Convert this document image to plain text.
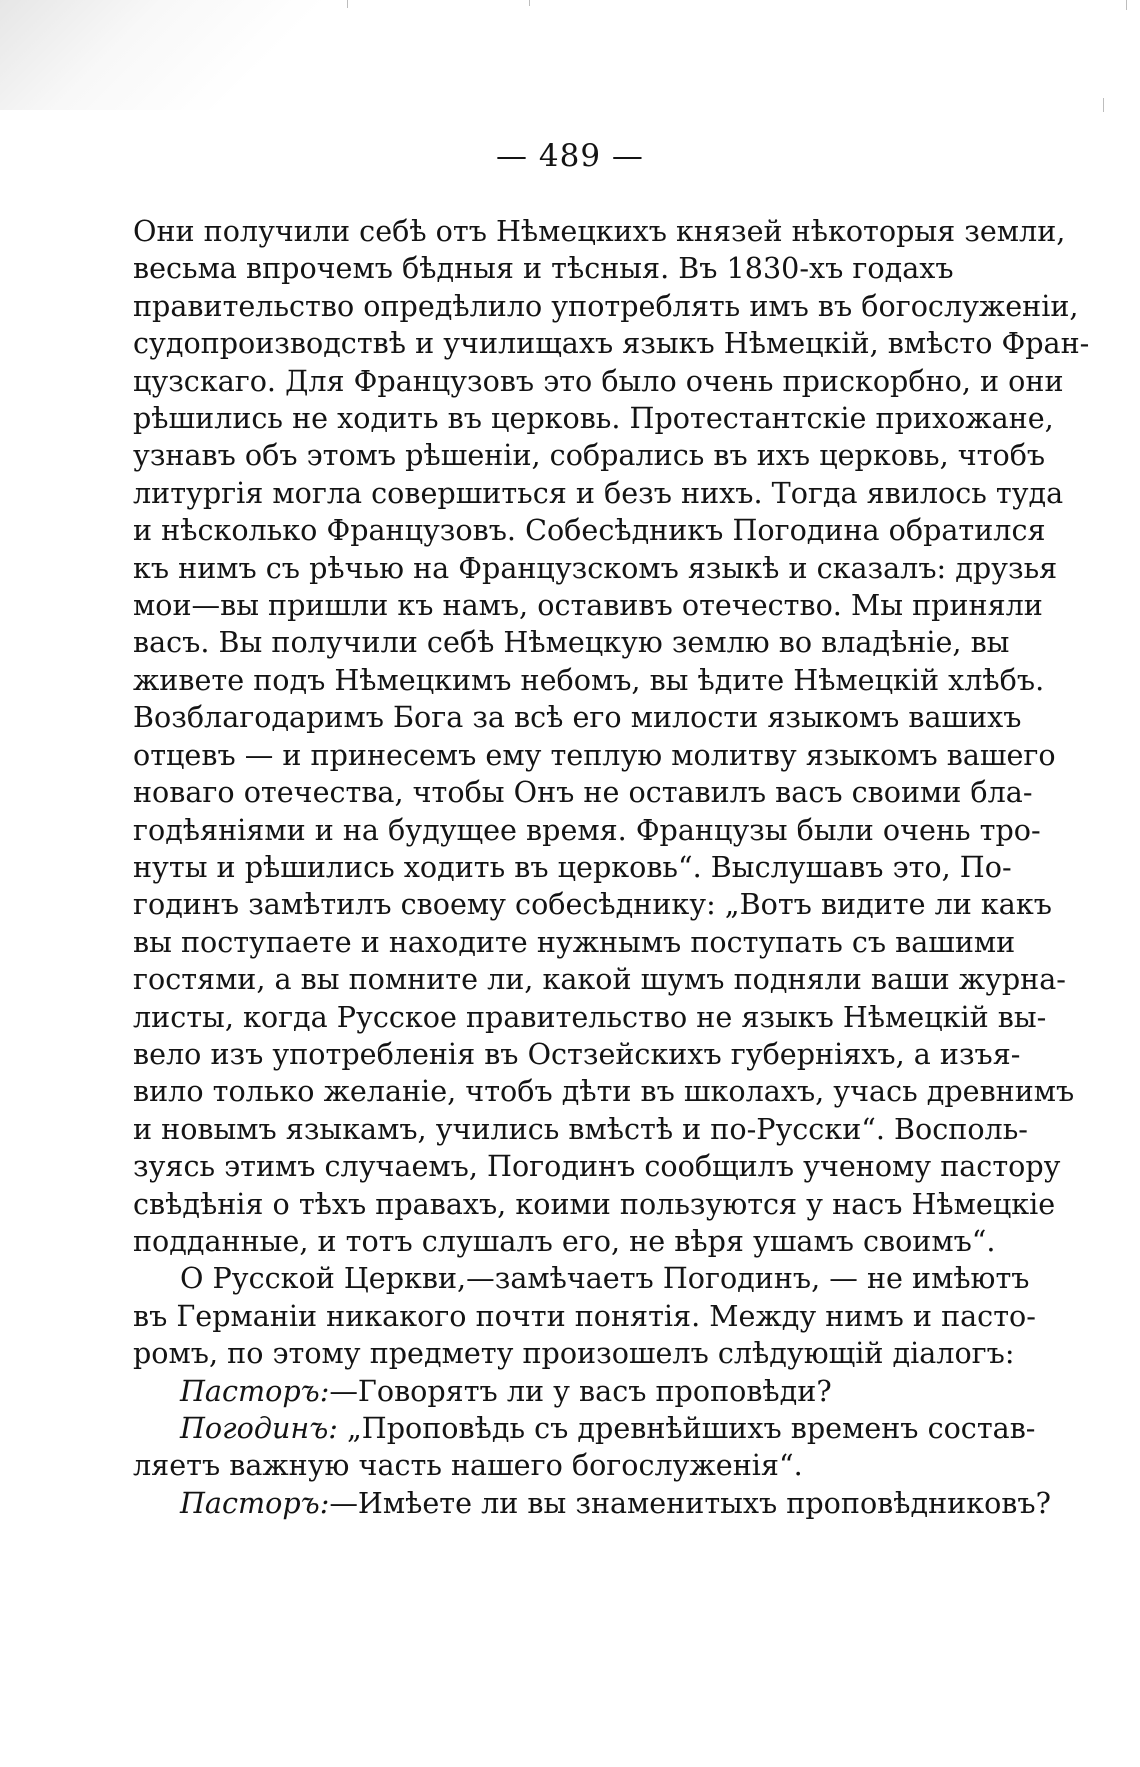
— 489 —
Они получили себѣ отъ Нѣмецкихъ князей нѣкоторыя земли,
весьма впрочемъ бѣдныя и тѣсныя. Въ 1830-хъ годахъ
правительство опредѣлило употреблять имъ въ богослуженіи,
судопроизводствѣ и училищахъ языкъ Нѣмецкій, вмѣсто Фран-
цузскаго. Для Французовъ это было очень прискорбно, и они
рѣшились не ходить въ церковь. Протестантскіе прихожане,
узнавъ объ этомъ рѣшеніи, собрались въ ихъ церковь, чтобъ
литургія могла совершиться и безъ нихъ. Тогда явилось туда
и нѣсколько Французовъ. Собесѣдникъ Погодина обратился
къ нимъ съ рѣчью на Французскомъ языкѣ и сказалъ: друзья
мои—вы пришли къ намъ, оставивъ отечество. Мы приняли
васъ. Вы получили себѣ Нѣмецкую землю во владѣніе, вы
живете подъ Нѣмецкимъ небомъ, вы ѣдите Нѣмецкій хлѣбъ.
Возблагодаримъ Бога за всѣ его милости языкомъ вашихъ
отцевъ — и принесемъ ему теплую молитву языкомъ вашего
новаго отечества, чтобы Онъ не оставилъ васъ своими бла-
годѣяніями и на будущее время. Французы были очень тро-
нуты и рѣшились ходить въ церковь“. Выслушавъ это, По-
годинъ замѣтилъ своему собесѣднику: „Вотъ видите ли какъ
вы поступаете и находите нужнымъ поступать съ вашими
гостями, а вы помните ли, какой шумъ подняли ваши журна-
листы, когда Русское правительство не языкъ Нѣмецкій вы-
вело изъ употребленія въ Остзейскихъ губерніяхъ, а изъя-
вило только желаніе, чтобъ дѣти въ школахъ, учась древнимъ
и новымъ языкамъ, учились вмѣстѣ и по-Русски“. Восполь-
зуясь этимъ случаемъ, Погодинъ сообщилъ ученому пастору
свѣдѣнія о тѣхъ правахъ, коими пользуются у насъ Нѣмецкіе
подданные, и тотъ слушалъ его, не вѣря ушамъ своимъ“.
О Русской Церкви,—замѣчаетъ Погодинъ, — не имѣютъ
въ Германіи никакого почти понятія. Между нимъ и пасто-
ромъ, по этому предмету произошелъ слѣдующій діалогъ:
Пасторъ:—Говорятъ ли у васъ проповѣди?
Погодинъ: „Проповѣдь съ древнѣйшихъ временъ состав-
ляетъ важную часть нашего богослуженія“.
Пасторъ:—Имѣете ли вы знаменитыхъ проповѣдниковъ?
